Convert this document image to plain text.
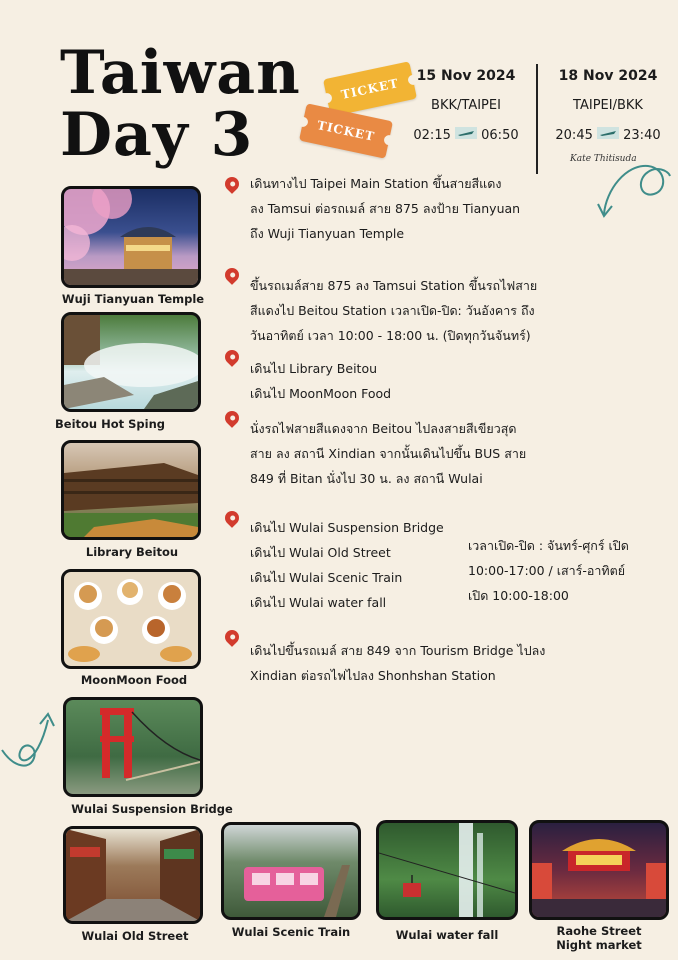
Taiwan
Day 3
TICKET
TICKET
15 Nov 2024
BKK/TAIPEI
02:15 06:50
18 Nov 2024
TAIPEI/BKK
20:45 23:40
Kate Thitisuda
Wuji Tianyuan Temple
Beitou Hot Sping
Library Beitou
MoonMoon Food
Wulai Suspension Bridge
เดินทางไป Taipei Main Station ขึ้นสายสีแดง
ลง Tamsui ต่อรถเมล์ สาย 875 ลงป้าย Tianyuan
ถึง Wuji Tianyuan Temple
ขึ้นรถเมล์สาย 875 ลง Tamsui Station ขึ้นรถไฟสาย
สีแดงไป Beitou Station เวลาเปิด-ปิด: วันอังคาร ถึง
วันอาทิตย์ เวลา 10:00 - 18:00 น. (ปิดทุกวันจันทร์)
เดินไป Library Beitou
เดินไป MoonMoon Food
นั่งรถไฟสายสีแดงจาก Beitou ไปลงสายสีเขียวสุด
สาย ลง สถานี Xindian จากนั้นเดินไปขึ้น BUS สาย
849 ที่ Bitan นั่งไป 30 น. ลง สถานี Wulai
เดินไป Wulai Suspension Bridge
เดินไป Wulai Old Street
เดินไป Wulai Scenic Train
เดินไป Wulai water fall
เวลาเปิด-ปิด : จันทร์-ศุกร์ เปิด
10:00-17:00 / เสาร์-อาทิตย์
เปิด 10:00-18:00
เดินไปขึ้นรถเมล์ สาย 849 จาก Tourism Bridge ไปลง
Xindian ต่อรถไฟไปลง Shonhshan Station
Wulai Old Street	Wulai Scenic Train	Wulai water fall	Raohe Street
Night market
